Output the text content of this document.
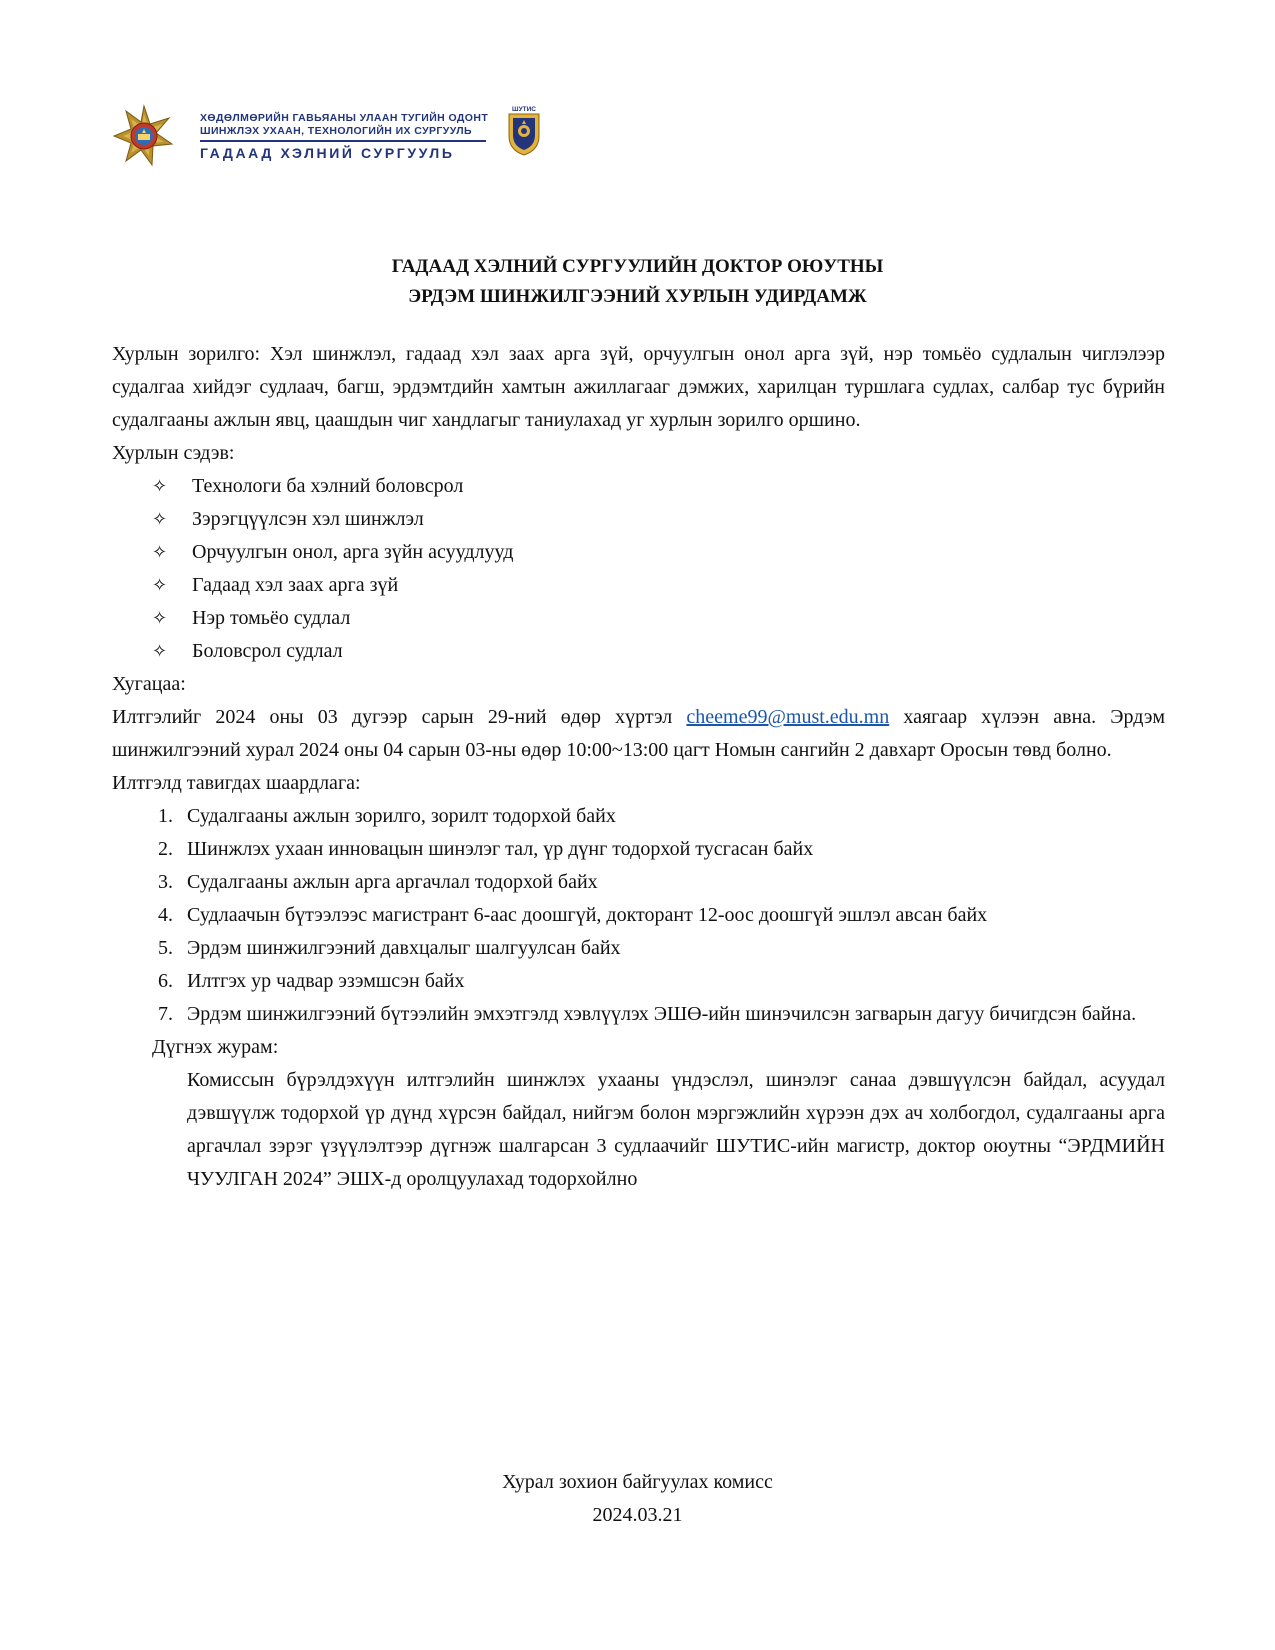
ХӨДӨЛМӨРИЙН ГАВЬЯАНЫ УЛААН ТУГИЙН ОДОНТ
ШИНЖЛЭХ УХААН, ТЕХНОЛОГИЙН ИХ СУРГУУЛЬ
ГАДААД ХЭЛНИЙ СУРГУУЛЬ
ШУТИС
ГАДААД ХЭЛНИЙ СУРГУУЛИЙН ДОКТОР ОЮУТНЫ
ЭРДЭМ ШИНЖИЛГЭЭНИЙ ХУРЛЫН УДИРДАМЖ

Хурлын зорилго: Хэл шинжлэл, гадаад хэл заах арга зүй, орчуулгын онол арга зүй, нэр томьёо судлалын чиглэлээр судалгаа хийдэг судлаач, багш, эрдэмтдийн хамтын ажиллагааг дэмжих, харилцан туршлага судлах, салбар тус бүрийн судалгааны ажлын явц, цаашдын чиг хандлагыг таниулахад уг хурлын зорилго оршино.

Хурлын сэдэв:

✧	Технологи ба хэлний боловсрол
✧	Зэрэгцүүлсэн хэл шинжлэл
✧	Орчуулгын онол, арга зүйн асуудлууд
✧	Гадаад хэл заах арга зүй
✧	Нэр томьёо судлал
✧	Боловсрол судлал

Хугацаа:

Илтгэлийг 2024 оны 03 дугээр сарын 29-ний өдөр хүртэл cheeme99@must.edu.mn хаягаар хүлээн авна. Эрдэм шинжилгээний хурал 2024 оны 04 сарын 03-ны өдөр 10:00~13:00 цагт Номын сангийн 2 давхарт Оросын төвд болно.

Илтгэлд тавигдах шаардлага:

1. Судалгааны ажлын зорилго, зорилт тодорхой байх
2. Шинжлэх ухаан инновацын шинэлэг тал, үр дүнг тодорхой тусгасан байх
3. Судалгааны ажлын арга аргачлал тодорхой байх
4. Судлаачын бүтээлээс магистрант 6-аас доошгүй, докторант 12-оос доошгүй эшлэл авсан байх
5. Эрдэм шинжилгээний давхцалыг шалгуулсан байх
6. Илтгэх ур чадвар эзэмшсэн байх
7. Эрдэм шинжилгээний бүтээлийн эмхэтгэлд хэвлүүлэх ЭШӨ-ийн шинэчилсэн загварын дагуу бичигдсэн байна.

Дүгнэх журам:

Комиссын бүрэлдэхүүн илтгэлийн шинжлэх ухааны үндэслэл, шинэлэг санаа дэвшүүлсэн байдал, асуудал дэвшүүлж тодорхой үр дүнд хүрсэн байдал, нийгэм болон мэргэжлийн хүрээн дэх ач холбогдол, судалгааны арга аргачлал зэрэг үзүүлэлтээр дүгнэж шалгарсан 3 судлаачийг ШУТИС-ийн магистр, доктор оюутны “ЭРДМИЙН ЧУУЛГАН 2024” ЭШХ-д оролцуулахад тодорхойлно

Хурал зохион байгуулах комисс
2024.03.21
